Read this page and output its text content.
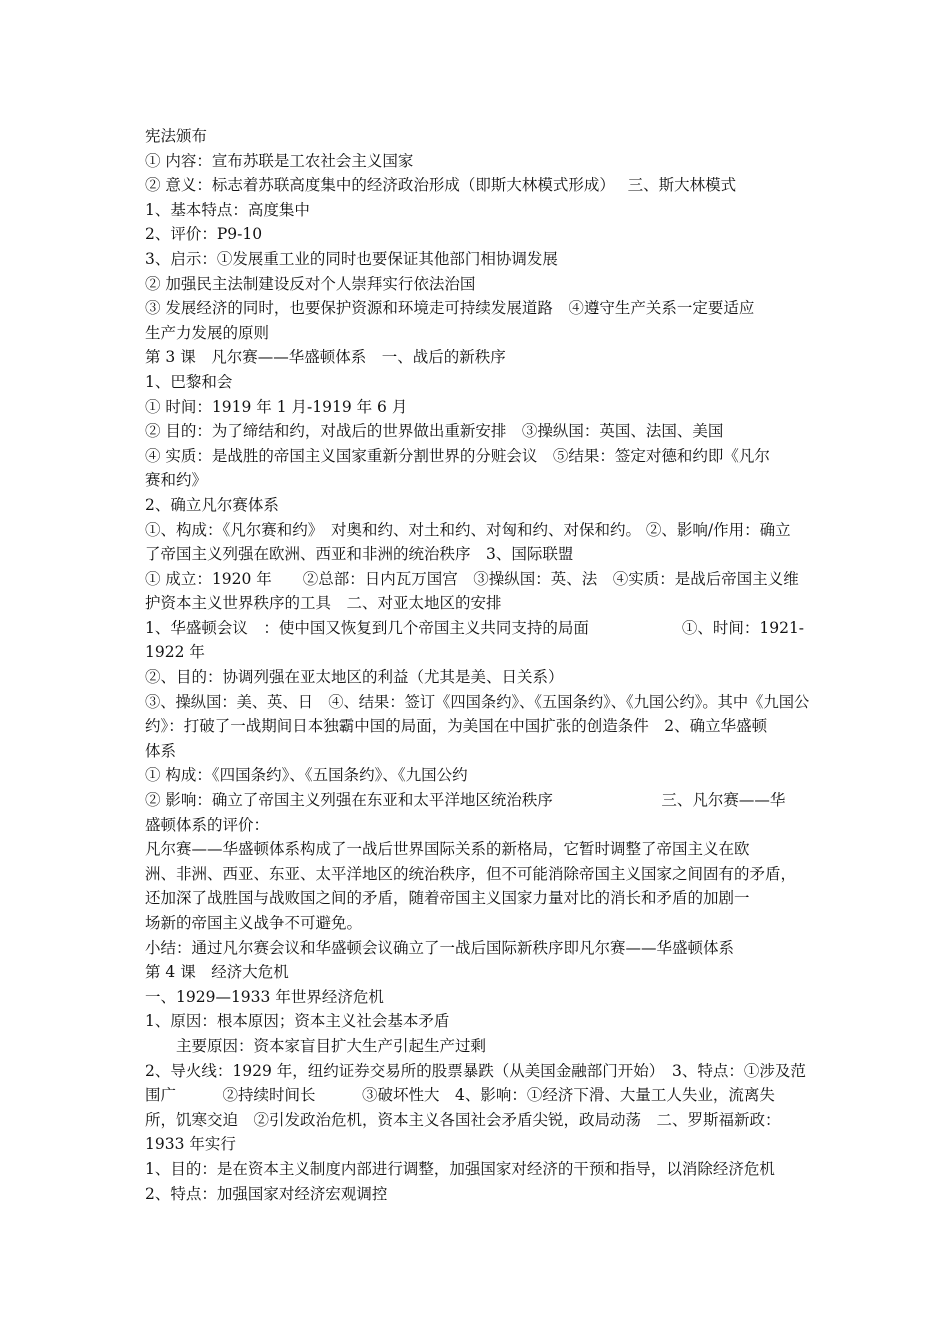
宪法颁布
① 内容：宣布苏联是工农社会主义国家
② 意义：标志着苏联高度集中的经济政治形成（即斯大林模式形成）　 三、斯大林模式
1、基本特点：高度集中
2、评价：P9-10
3、启示：①发展重工业的同时也要保证其他部门相协调发展
② 加强民主法制建设反对个人崇拜实行依法治国
③ 发展经济的同时，也要保护资源和环境走可持续发展道路　④遵守生产关系一定要适应
生产力发展的原则
第 3 课　凡尔赛——华盛顿体系　一、战后的新秩序
1、巴黎和会
① 时间：1919 年 1 月-1919 年 6 月
② 目的：为了缔结和约，对战后的世界做出重新安排　③操纵国：英国、法国、美国
④ 实质：是战胜的帝国主义国家重新分割世界的分赃会议　⑤结果：签定对德和约即《凡尔
赛和约》
2、确立凡尔赛体系
①、构成：《凡尔赛和约》　对奥和约、对土和约、对匈和约、对保和约。 ②、影响/作用：确立
了帝国主义列强在欧洲、西亚和非洲的统治秩序　3、国际联盟
① 成立：1920 年　　②总部：日内瓦万国宫　③操纵国：英、法　④实质：是战后帝国主义维
护资本主义世界秩序的工具　二、对亚太地区的安排
1、华盛顿会议　：使中国又恢复到几个帝国主义共同支持的局面　　　　　　①、时间：1921-
1922 年
②、目的：协调列强在亚太地区的利益（尤其是美、日关系）
③、操纵国：美、英、日　④、结果：签订《四国条约》、《五国条约》、《九国公约》。其中《九国公
约》：打破了一战期间日本独霸中国的局面，为美国在中国扩张的创造条件　2、确立华盛顿
体系
① 构成：《四国条约》、《五国条约》、《九国公约
② 影响：确立了帝国主义列强在东亚和太平洋地区统治秩序　　　　　　　三、凡尔赛——华
盛顿体系的评价：
凡尔赛——华盛顿体系构成了一战后世界国际关系的新格局，它暂时调整了帝国主义在欧
洲、非洲、西亚、东亚、太平洋地区的统治秩序，但不可能消除帝国主义国家之间固有的矛盾，
还加深了战胜国与战败国之间的矛盾，随着帝国主义国家力量对比的消长和矛盾的加剧一
场新的帝国主义战争不可避免。
小结：通过凡尔赛会议和华盛顿会议确立了一战后国际新秩序即凡尔赛——华盛顿体系
第 4 课　经济大危机
一、1929—1933 年世界经济危机
1、原因：根本原因；资本主义社会基本矛盾
　　主要原因：资本家盲目扩大生产引起生产过剩
2、导火线：1929 年，纽约证券交易所的股票暴跌（从美国金融部门开始）　3、特点：①涉及范
围广　　　②持续时间长　　　③破坏性大　4、影响：①经济下滑、大量工人失业，流离失
所，饥寒交迫　②引发政治危机，资本主义各国社会矛盾尖锐，政局动荡　二、罗斯福新政：
1933 年实行
1、目的：是在资本主义制度内部进行调整，加强国家对经济的干预和指导，以消除经济危机
2、特点：加强国家对经济宏观调控
